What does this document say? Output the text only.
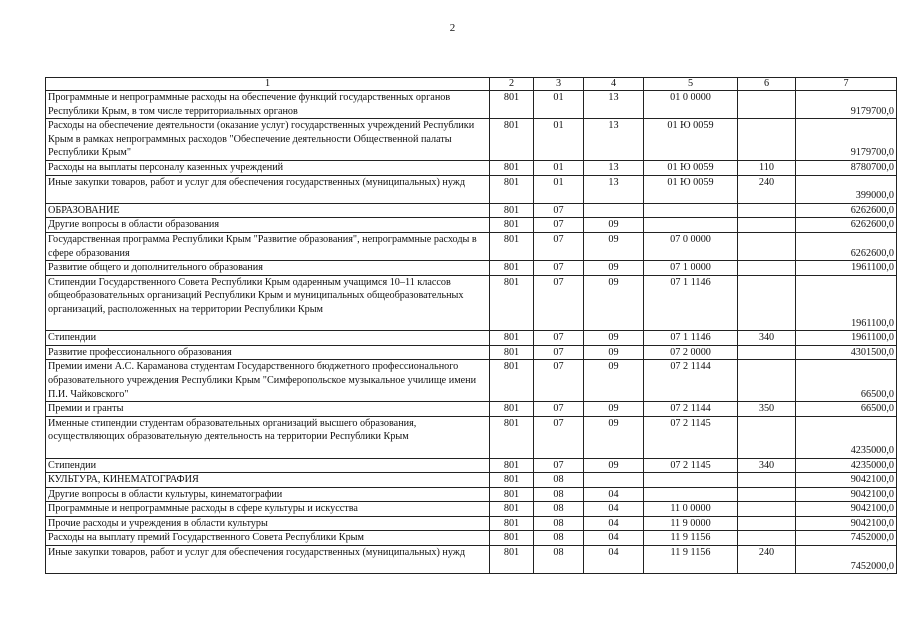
2
1	2	3	4	5	6	7
Программные и непрограммные расходы на обеспечение функций государственных органов Республики Крым, в том числе территориальных органов	801	01	13	01 0 0000		9179700,0
Расходы на обеспечение деятельности (оказание услуг) государственных учреждений Республики Крым в рамках непрограммных расходов "Обеспечение деятельности Общественной палаты Республики Крым"	801	01	13	01 Ю 0059		9179700,0
Расходы на выплаты персоналу казенных учреждений	801	01	13	01 Ю 0059	110	8780700,0
Иные закупки товаров, работ и услуг для обеспечения государственных (муниципальных) нужд	801	01	13	01 Ю 0059	240	399000,0
ОБРАЗОВАНИЕ	801	07				6262600,0
Другие вопросы в области образования	801	07	09			6262600,0
Государственная программа Республики Крым "Развитие образования", непрограммные расходы в сфере образования	801	07	09	07 0 0000		6262600,0
Развитие общего и дополнительного образования	801	07	09	07 1 0000		1961100,0
Стипендии Государственного Совета Республики Крым одаренным учащимся 10–11 классов общеобразовательных организаций Республики Крым и муниципальных общеобразовательных организаций, расположенных на территории Республики Крым	801	07	09	07 1 1146		1961100,0
Стипендии	801	07	09	07 1 1146	340	1961100,0
Развитие профессионального образования	801	07	09	07 2 0000		4301500,0
Премии имени А.С. Караманова студентам Государственного бюджетного профессионального образовательного учреждения Республики Крым "Симферопольское музыкальное училище имени П.И. Чайковского"	801	07	09	07 2 1144		66500,0
Премии и гранты	801	07	09	07 2 1144	350	66500,0
Именные стипендии студентам образовательных организаций высшего образования, осуществляющих образовательную деятельность на территории Республики Крым	801	07	09	07 2 1145		4235000,0
Стипендии	801	07	09	07 2 1145	340	4235000,0
КУЛЬТУРА, КИНЕМАТОГРАФИЯ	801	08				9042100,0
Другие вопросы в области культуры, кинематографии	801	08	04			9042100,0
Программные и непрограммные расходы в сфере культуры и искусства	801	08	04	11 0 0000		9042100,0
Прочие расходы и учреждения в области культуры	801	08	04	11 9 0000		9042100,0
Расходы на выплату премий Государственного Совета Республики Крым	801	08	04	11 9 1156		7452000,0
Иные закупки товаров, работ и услуг для обеспечения государственных (муниципальных) нужд	801	08	04	11 9 1156	240	7452000,0
